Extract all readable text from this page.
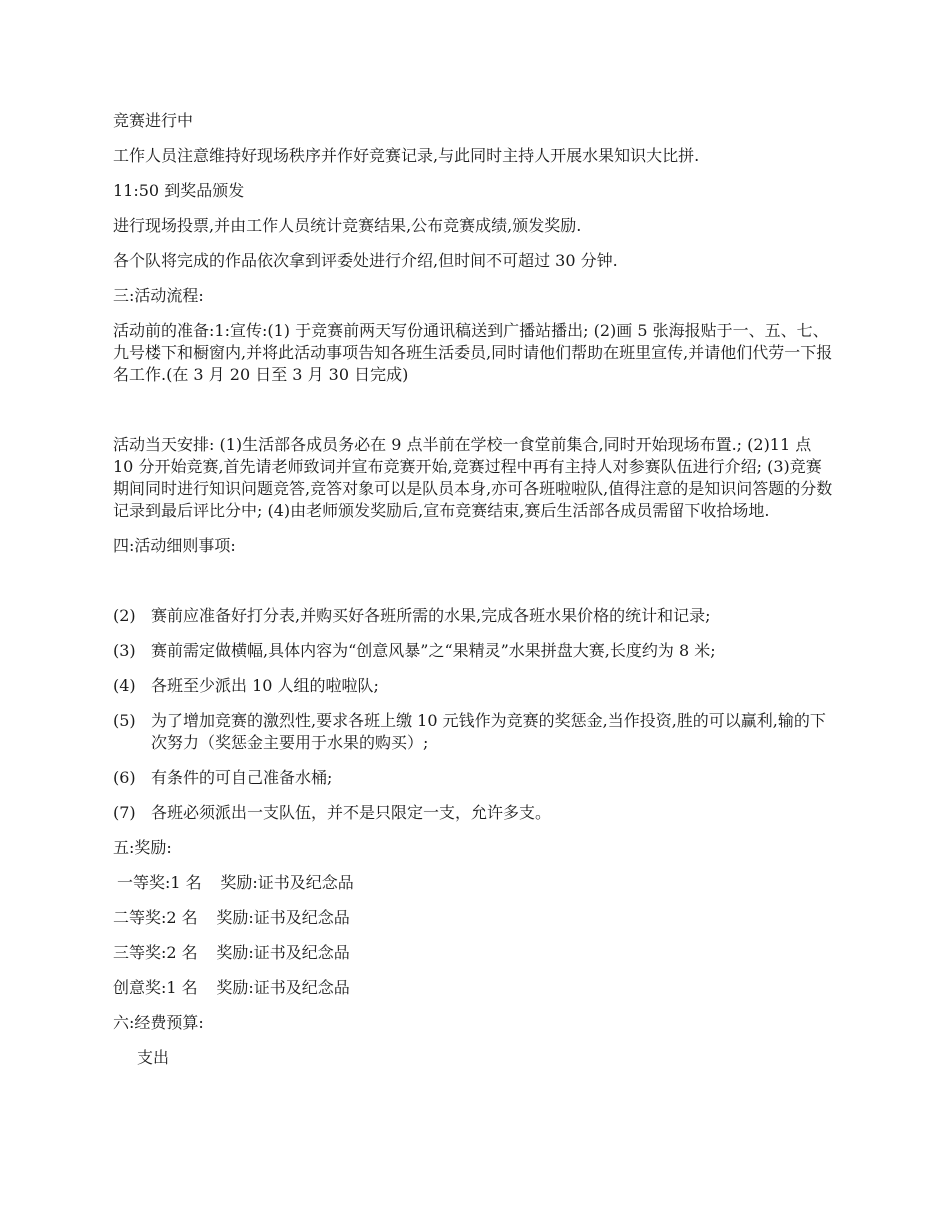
竞赛进行中

工作人员注意维持好现场秩序并作好竞赛记录,与此同时主持人开展水果知识大比拼.

11:50 到奖品颁发

进行现场投票,并由工作人员统计竞赛结果,公布竞赛成绩,颁发奖励.

各个队将完成的作品依次拿到评委处进行介绍,但时间不可超过 30 分钟.

三:活动流程:

活动前的准备:1:宣传:(1) 于竞赛前两天写份通讯稿送到广播站播出; (2)画 5 张海报贴于一、五、七、九号楼下和橱窗内,并将此活动事项告知各班生活委员,同时请他们帮助在班里宣传,并请他们代劳一下报名工作.(在 3 月 20 日至 3 月 30 日完成)

活动当天安排: (1)生活部各成员务必在 9 点半前在学校一食堂前集合,同时开始现场布置.; (2)11 点 10 分开始竞赛,首先请老师致词并宣布竞赛开始,竞赛过程中再有主持人对参赛队伍进行介绍; (3)竞赛期间同时进行知识问题竞答,竞答对象可以是队员本身,亦可各班啦啦队,值得注意的是知识问答题的分数记录到最后评比分中; (4)由老师颁发奖励后,宣布竞赛结束,赛后生活部各成员需留下收拾场地.

四:活动细则事项:

(2) 赛前应准备好打分表,并购买好各班所需的水果,完成各班水果价格的统计和记录;
(3) 赛前需定做横幅,具体内容为“创意风暴”之“果精灵”水果拼盘大赛,长度约为 8 米;
(4) 各班至少派出 10 人组的啦啦队;
(5) 为了增加竞赛的激烈性,要求各班上缴 10 元钱作为竞赛的奖惩金,当作投资,胜的可以赢利,输的下次努力（奖惩金主要用于水果的购买）;
(6) 有条件的可自己准备水桶;
(7) 各班必须派出一支队伍，并不是只限定一支，允许多支。

五:奖励:

一等奖:1 名 奖励:证书及纪念品

二等奖:2 名 奖励:证书及纪念品

三等奖:2 名 奖励:证书及纪念品

创意奖:1 名 奖励:证书及纪念品

六:经费预算:

支出
